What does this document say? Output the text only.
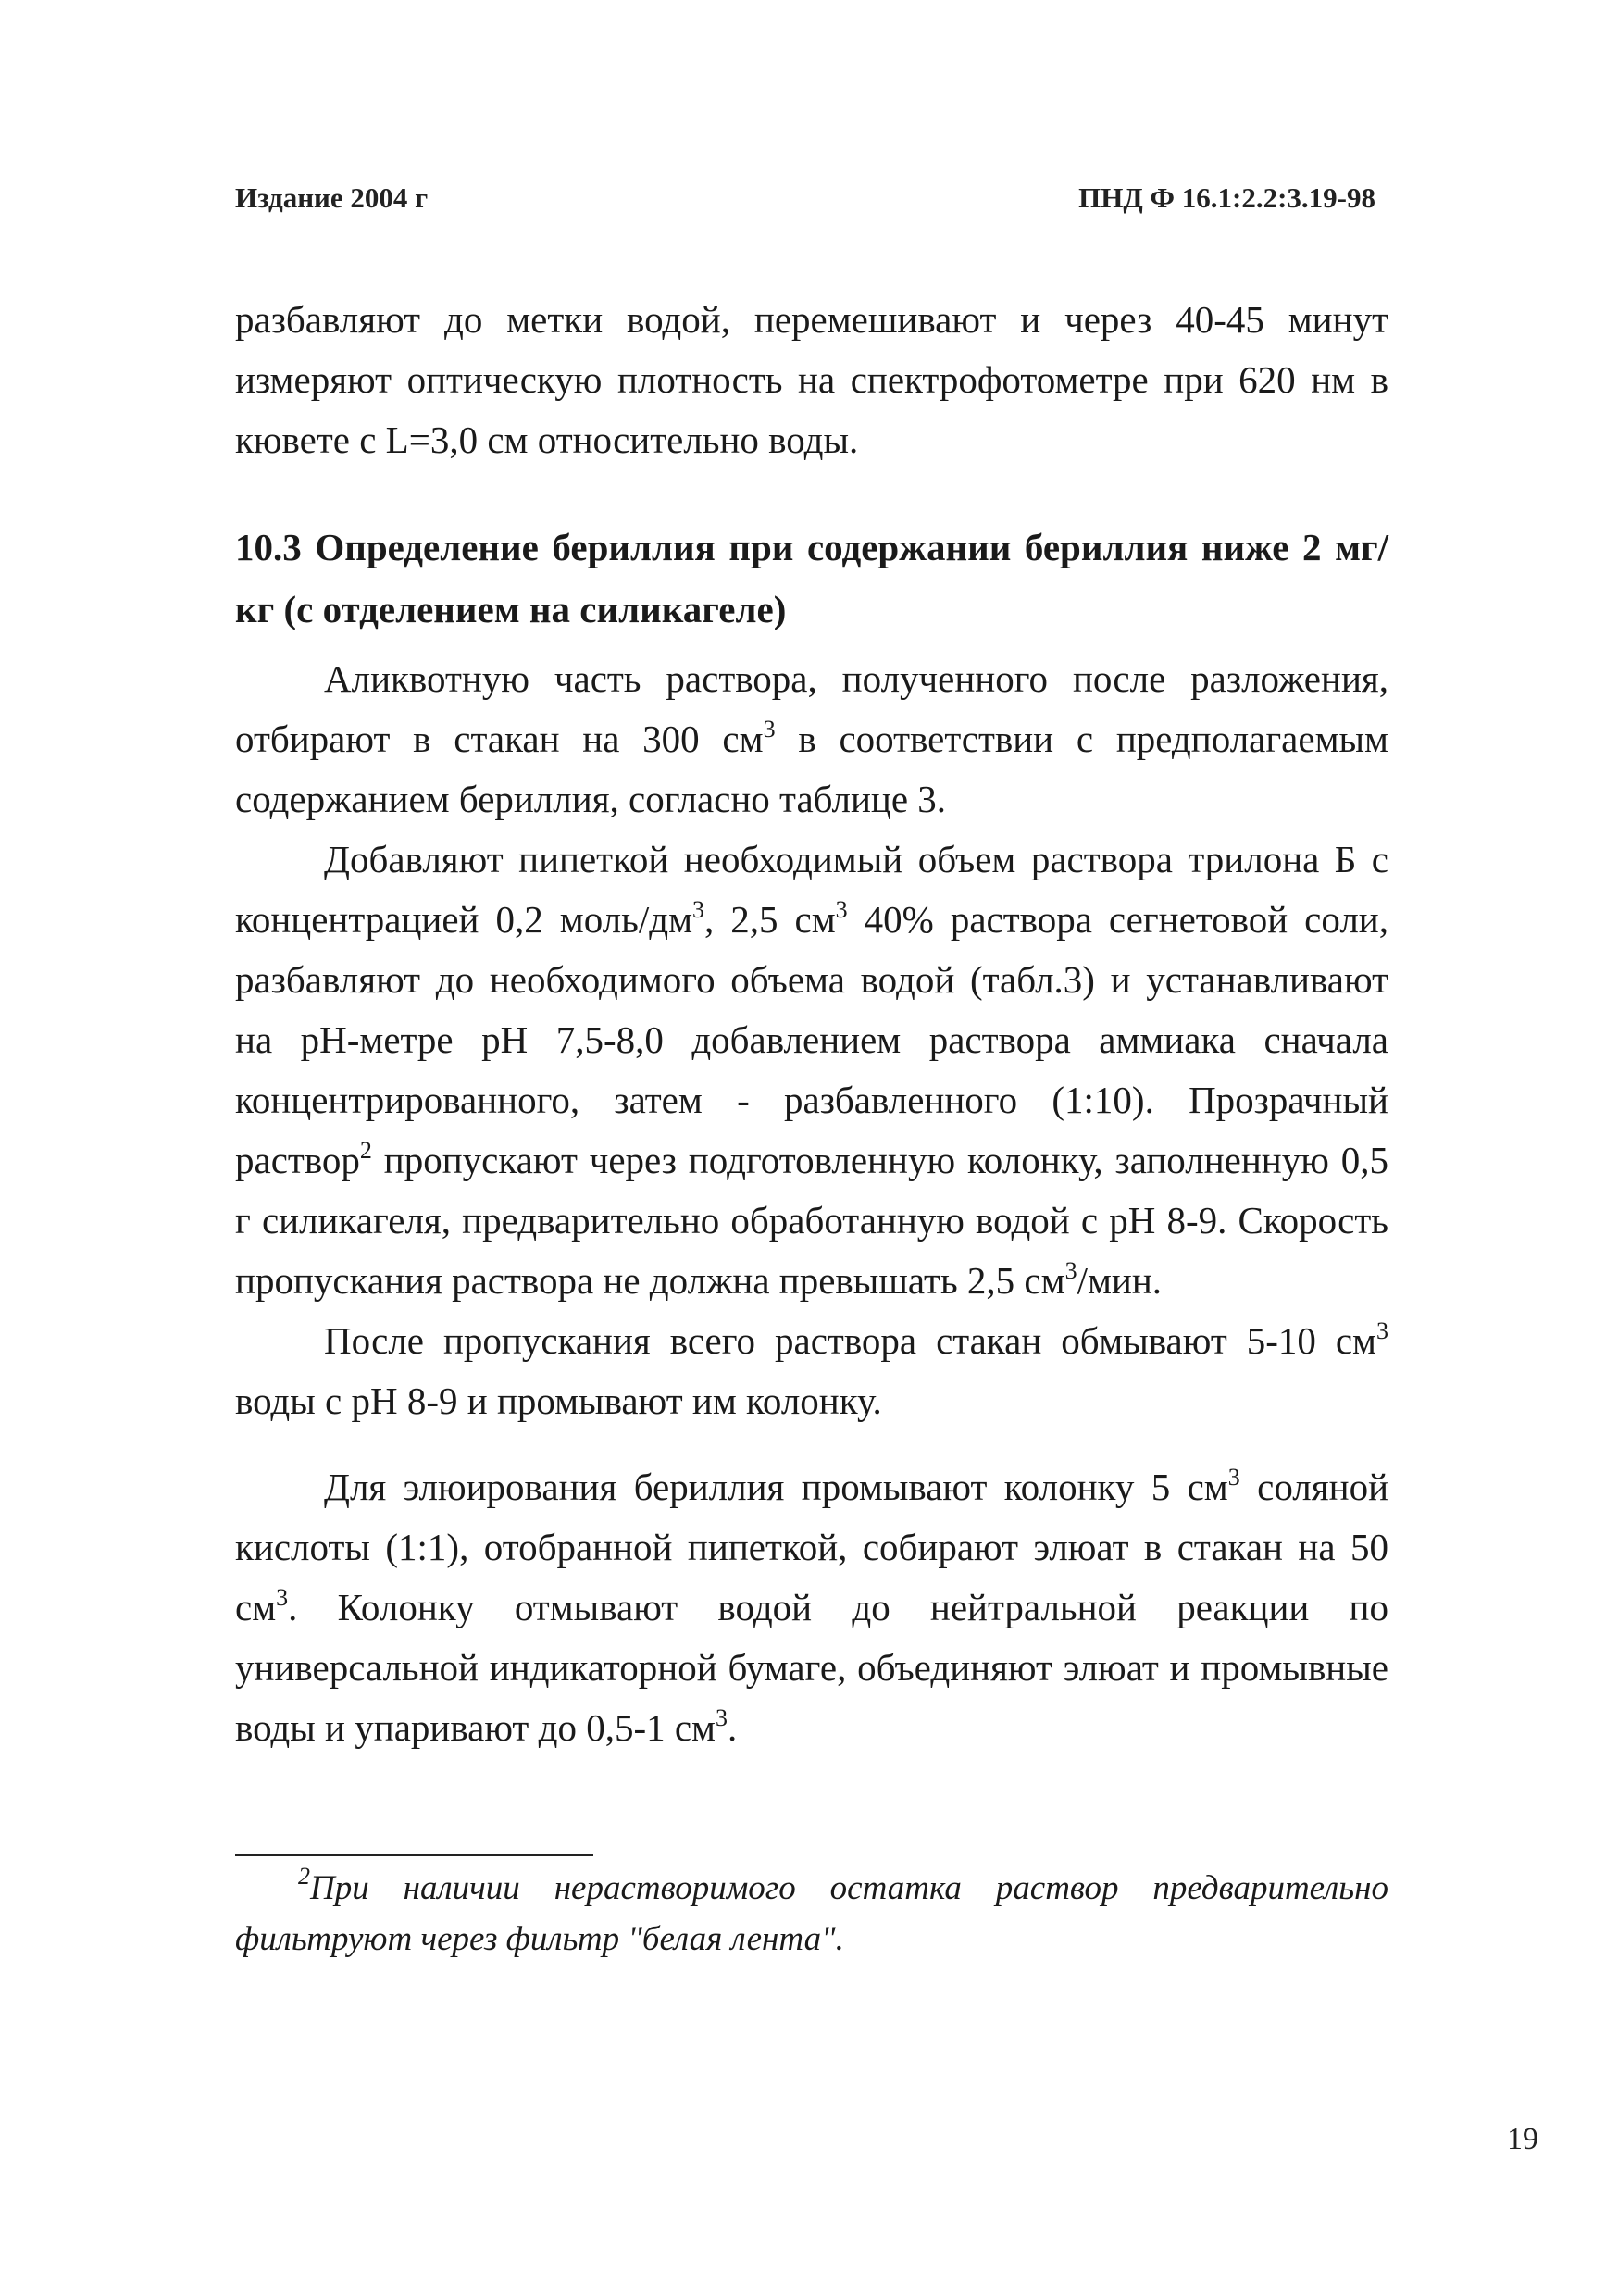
Издание 2004 г	ПНД Ф 16.1:2.2:3.19-98

разбавляют до метки водой, перемешивают и через 40-45 минут измеряют оптическую плотность на спектрофотометре при 620 нм в кювете с L=3,0 см относительно воды.

10.3 Определение бериллия при содержании бериллия ниже 2 мг/кг (с отделением на силикагеле)

Аликвотную часть раствора, полученного после разложения, отбирают в стакан на 300 $см^3$ в соответствии с предполагаемым содержанием бериллия, согласно таблице 3.

Добавляют пипеткой необходимый объем раствора трилона Б с концентрацией 0,2 моль/$дм^3$, 2,5 $см^3$ 40% раствора сегнетовой соли, разбавляют до необходимого объема водой (табл.3) и устанавливают на pH-метре pH 7,5-8,0 добавлением раствора аммиака сначала концентрированного, затем - разбавленного (1:10). Прозрачный раствор$^2$ пропускают через подготовленную колонку, заполненную 0,5 г силикагеля, предварительно обработанную водой с pH 8-9. Скорость пропускания раствора не должна превышать 2,5 $см^3$/мин.

После пропускания всего раствора стакан обмывают 5-10 $см^3$ воды с pH 8-9 и промывают им колонку.

Для элюирования бериллия промывают колонку 5 $см^3$ соляной кислоты (1:1), отобранной пипеткой, собирают элюат в стакан на 50 $см^3$. Колонку отмывают водой до нейтральной реакции по универсальной индикаторной бумаге, объединяют элюат и промывные воды и упаривают до 0,5-1 $см^3$.

$^2$При наличии нерастворимого остатка раствор предварительно фильтруют через фильтр "белая лента".

19
